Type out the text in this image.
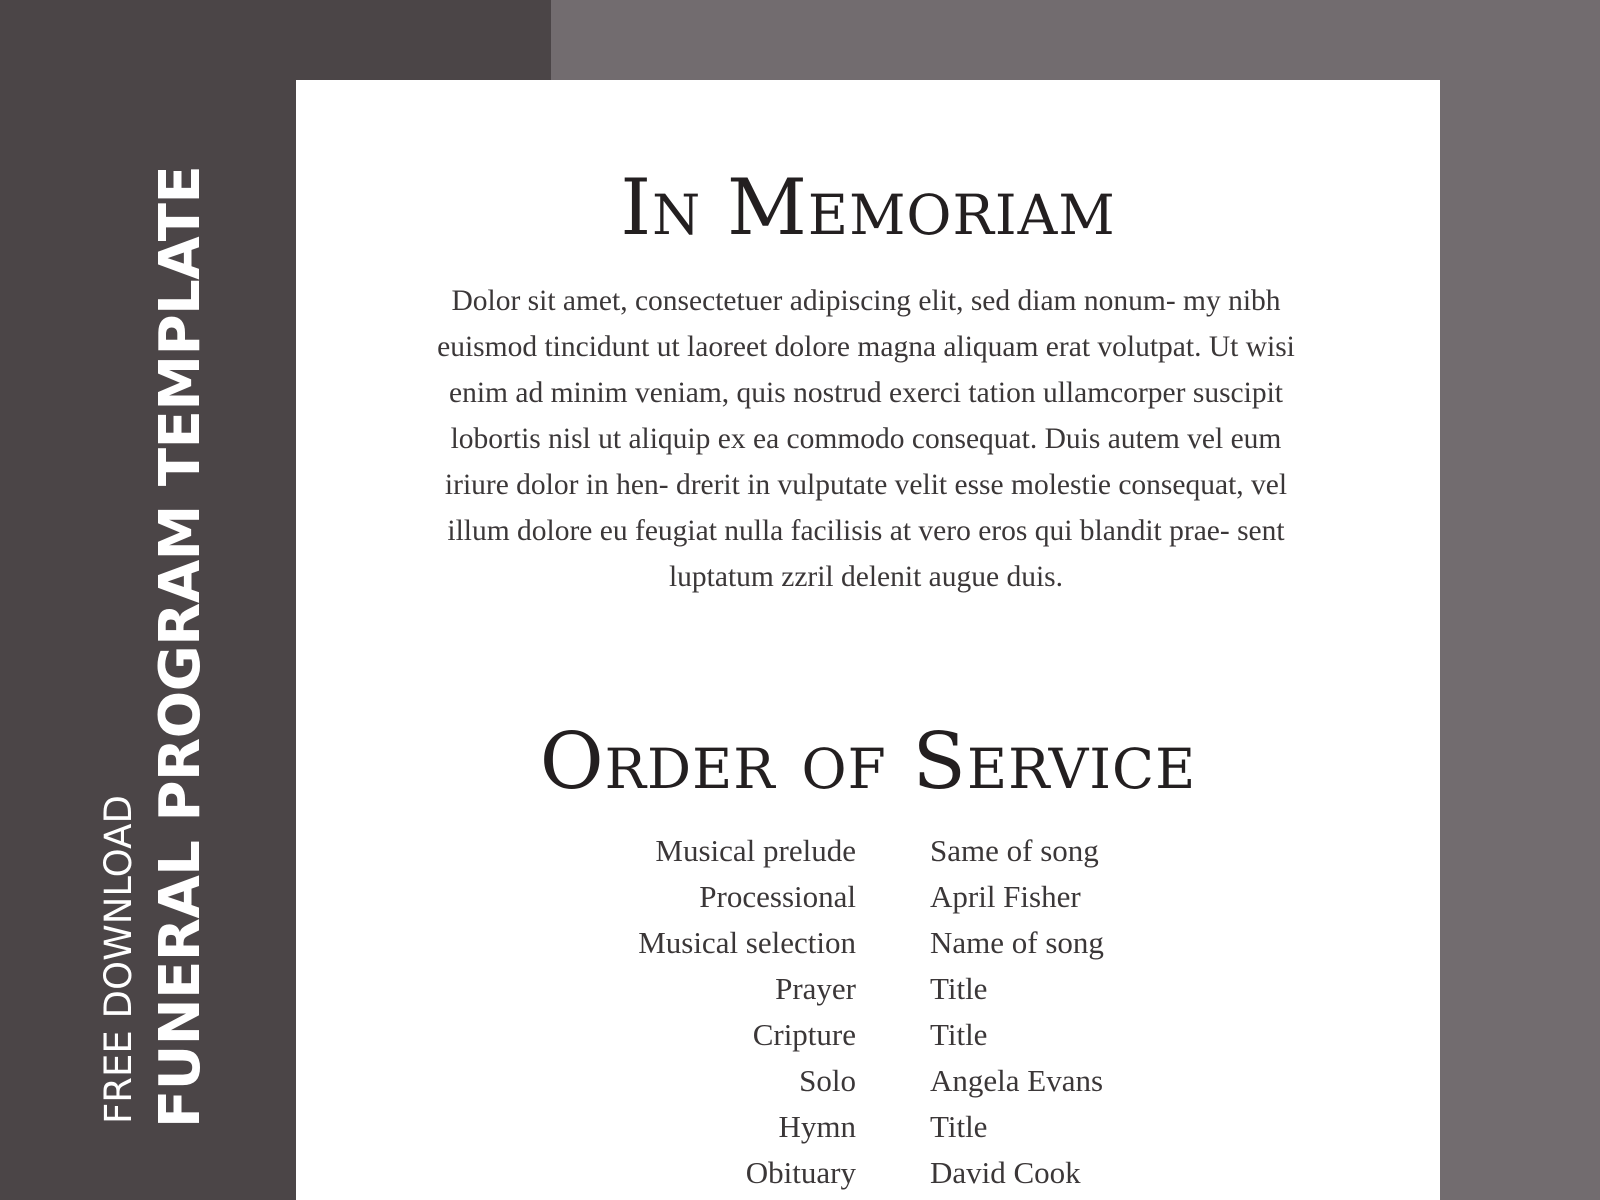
FREE DOWNLOAD FUNERAL PROGRAM TEMPLATE	In Memoriam

Dolor sit amet, consectetuer adipiscing elit, sed diam nonum- my nibh euismod tincidunt ut laoreet dolore magna aliquam erat volutpat. Ut wisi enim ad minim veniam, quis nostrud exerci tation ullamcorper suscipit lobortis nisl ut aliquip ex ea commodo consequat. Duis autem vel eum iriure dolor in hen- drerit in vulputate velit esse molestie consequat, vel illum dolore eu feugiat nulla facilisis at vero eros qui blandit prae- sent luptatum zzril delenit augue duis.

Order of Service
Musical prelude Same of song
Processional April Fisher
Musical selection Name of song
Prayer Title
Cripture Title
Solo Angela Evans
Hymn Title
Obituary David Cook
